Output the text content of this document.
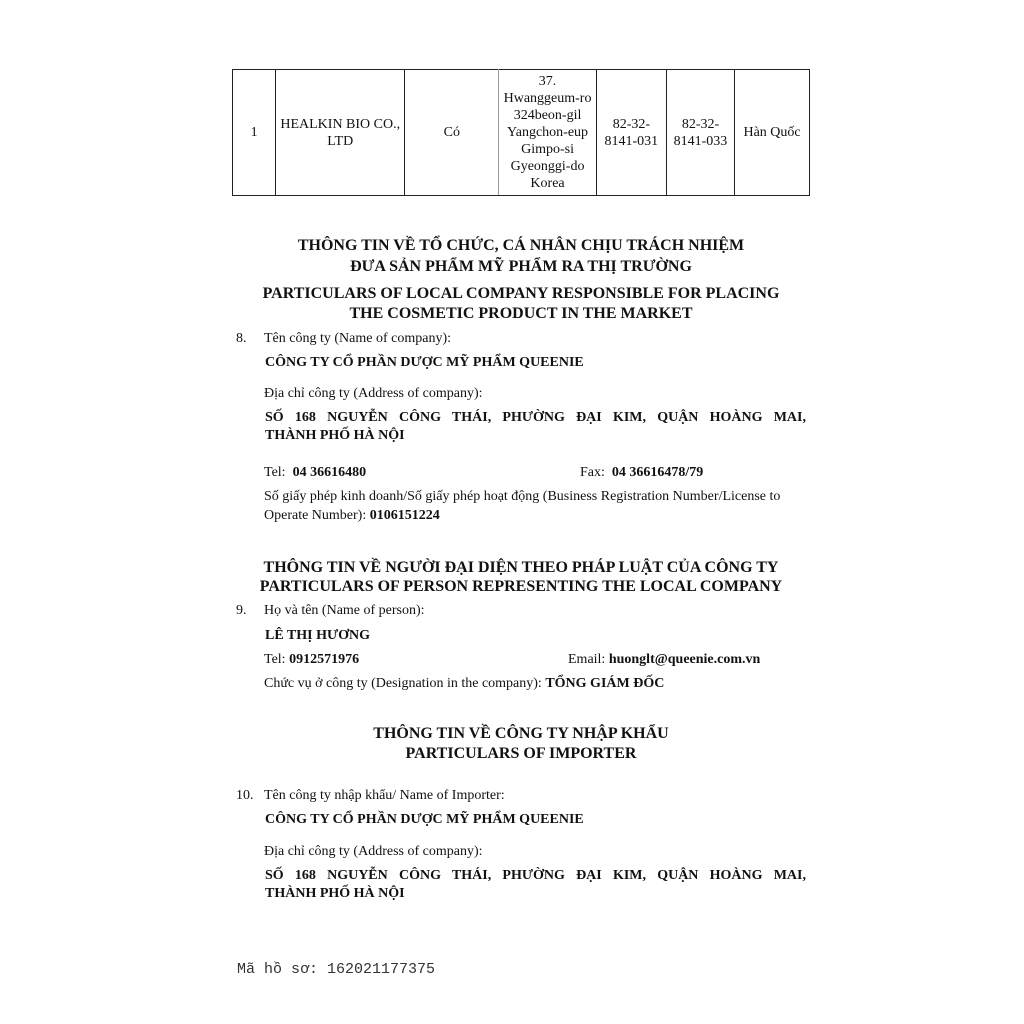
1	HEALKIN BIO CO., LTD	Có	37. Hwanggeum-ro 324beon-gil Yangchon-eup Gimpo-si Gyeonggi-do Korea	82-32-8141-031	82-32-8141-033	Hàn Quốc
THÔNG TIN VỀ TỔ CHỨC, CÁ NHÂN CHỊU TRÁCH NHIỆM
ĐƯA SẢN PHẨM MỸ PHẨM RA THỊ TRƯỜNG
PARTICULARS OF LOCAL COMPANY RESPONSIBLE FOR PLACING
THE COSMETIC PRODUCT IN THE MARKET
8. Tên công ty (Name of company):
CÔNG TY CỔ PHẦN DƯỢC MỸ PHẨM QUEENIE
Địa chỉ công ty (Address of company):
SỐ 168 NGUYỄN CÔNG THÁI, PHƯỜNG ĐẠI KIM, QUẬN HOÀNG MAI,
THÀNH PHỐ HÀ NỘI
Tel: 04 36616480	Fax: 04 36616478/79
Số giấy phép kinh doanh/Số giấy phép hoạt động (Business Registration Number/License to
Operate Number): 0106151224
THÔNG TIN VỀ NGƯỜI ĐẠI DIỆN THEO PHÁP LUẬT CỦA CÔNG TY
PARTICULARS OF PERSON REPRESENTING THE LOCAL COMPANY
9. Họ và tên (Name of person):
LÊ THỊ HƯƠNG
Tel: 0912571976	Email: huonglt@queenie.com.vn
Chức vụ ở công ty (Designation in the company): TỔNG GIÁM ĐỐC
THÔNG TIN VỀ CÔNG TY NHẬP KHẨU
PARTICULARS OF IMPORTER
10. Tên công ty nhập khẩu/ Name of Importer:
CÔNG TY CỔ PHẦN DƯỢC MỸ PHẨM QUEENIE
Địa chỉ công ty (Address of company):
SỐ 168 NGUYỄN CÔNG THÁI, PHƯỜNG ĐẠI KIM, QUẬN HOÀNG MAI,
THÀNH PHỐ HÀ NỘI
Mã hồ sơ: 162021177375
